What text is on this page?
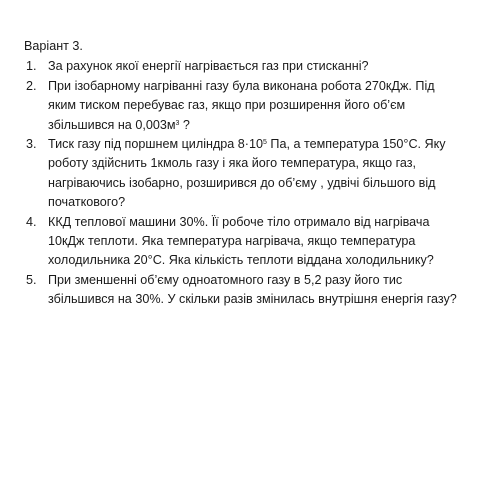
Варіант 3.
1. За рахунок якої енергії нагрівається газ при стисканні?
2. При ізобарному нагріванні газу була виконана робота 270кДж. Під
яким тиском перебуває газ, якщо при розширення його об’єм
збільшився на $0,003м^3$ ?
3. Тиск газу під поршнем циліндра $8\cdot 10^5$ Па, а температура 150°С. Яку
роботу здійснить 1кмоль газу і яка його температура, якщо газ,
нагріваючись ізобарно, розширився до об’єму , удвічі більшого від
початкового?
4. ККД теплової машини 30%. Її робоче тіло отримало від нагрівача
10кДж теплоти. Яка температура нагрівача, якщо температура
холодильника 20°С. Яка кількість теплоти віддана холодильнику?
5. При зменшенні об’єму одноатомного газу в 5,2 разу його тис
збільшився на 30%. У скільки разів змінилась внутрішня енергія газу?
